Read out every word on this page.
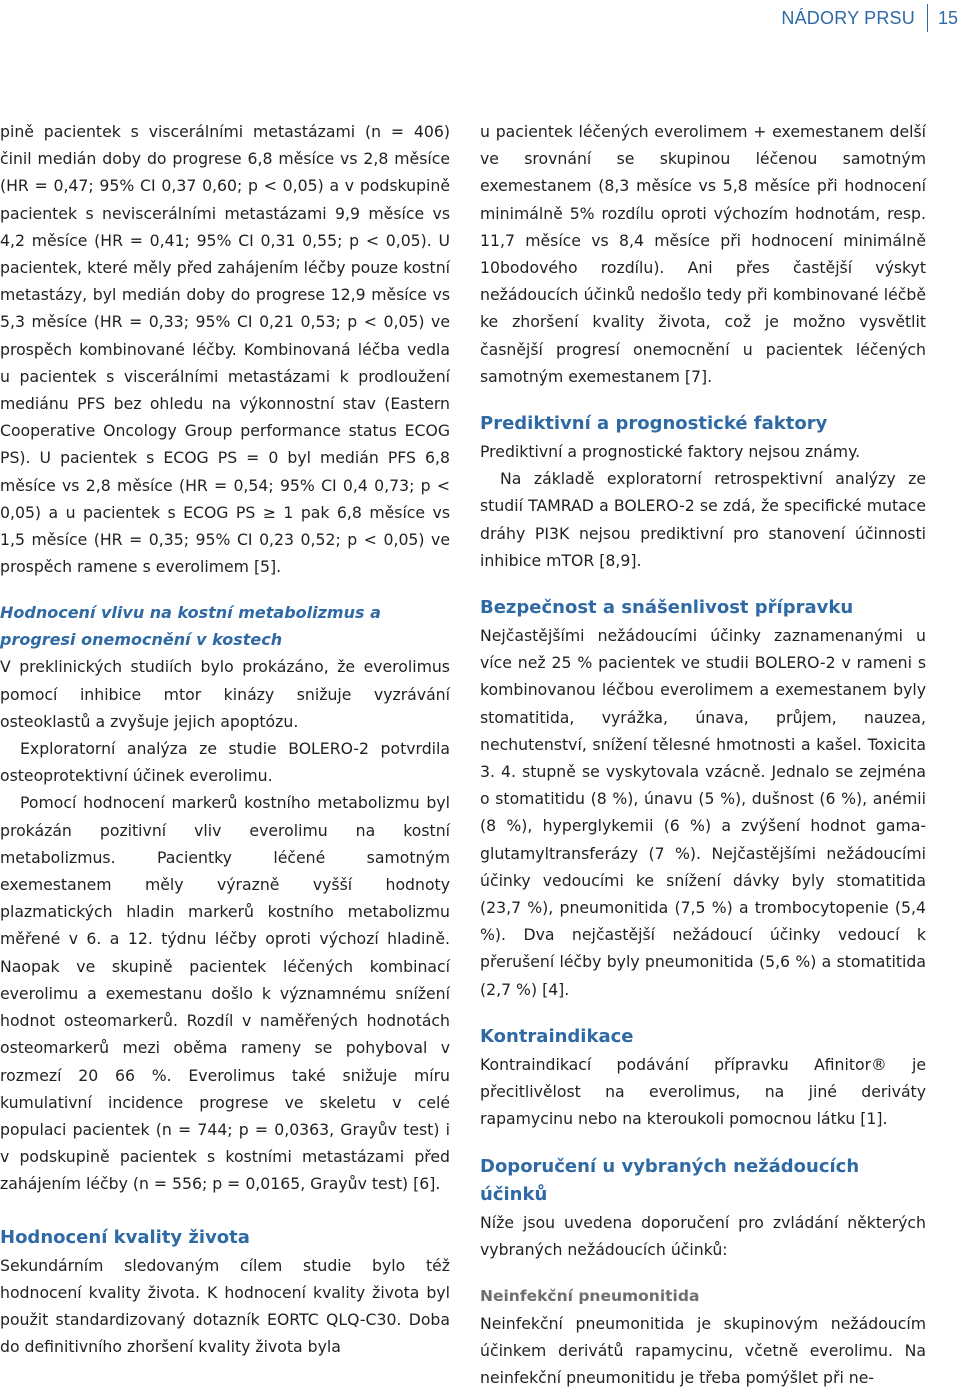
NÁDORY PRSU 15

pině pacientek s viscerálními metastázami (n = 406) činil medián doby do progrese 6,8 měsíce vs 2,8 měsíce (HR = 0,47; 95% CI 0,37 0,60; p < 0,05) a v podskupině pacientek s neviscerálními metastázami 9,9 měsíce vs 4,2 měsíce (HR = 0,41; 95% CI 0,31 0,55; p < 0,05). U pacientek, které měly před zahájením léčby pouze kostní metastázy, byl medián doby do progrese 12,9 měsíce vs 5,3 měsíce (HR = 0,33; 95% CI 0,21 0,53; p < 0,05) ve prospěch kombinované léčby. Kombinovaná léčba vedla u pacientek s viscerálními metastázami k prodloužení mediánu PFS bez ohledu na výkonnostní stav (Eastern Cooperative Oncology Group performance status ECOG PS). U pacientek s ECOG PS = 0 byl medián PFS 6,8 měsíce vs 2,8 měsíce (HR = 0,54; 95% CI 0,4 0,73; p < 0,05) a u pacientek s ECOG PS ≥ 1 pak 6,8 měsíce vs 1,5 měsíce (HR = 0,35; 95% CI 0,23 0,52; p < 0,05) ve prospěch ramene s everolimem [5].

Hodnocení vlivu na kostní metabolizmus a progresi onemocnění v kostech

V preklinických studiích bylo prokázáno, že everolimus pomocí inhibice mtor kinázy snižuje vyzrávání osteoklastů a zvyšuje jejich apoptózu.

Exploratorní analýza ze studie BOLERO-2 potvrdila osteoprotektivní účinek everolimu.

Pomocí hodnocení markerů kostního metabolizmu byl prokázán pozitivní vliv everolimu na kostní metabolizmus. Pacientky léčené samotným exemestanem měly výrazně vyšší hodnoty plazmatických hladin markerů kostního metabolizmu měřené v 6. a 12. týdnu léčby oproti výchozí hladině. Naopak ve skupině pacientek léčených kombinací everolimu a exemestanu došlo k významnému snížení hodnot osteomarkerů. Rozdíl v naměřených hodnotách osteomarkerů mezi oběma rameny se pohyboval v rozmezí 20 66 %. Everolimus také snižuje míru kumulativní incidence progrese ve skeletu v celé populaci pacientek (n = 744; p = 0,0363, Grayův test) i v podskupině pacientek s kostními metastázami před zahájením léčby (n = 556; p = 0,0165, Grayův test) [6].

Hodnocení kvality života

Sekundárním sledovaným cílem studie bylo též hodnocení kvality života. K hodnocení kvality života byl použit standardizovaný dotazník EORTC QLQ-C30. Doba do definitivního zhoršení kvality života byla

u pacientek léčených everolimem + exemestanem delší ve srovnání se skupinou léčenou samotným exemestanem (8,3 měsíce vs 5,8 měsíce při hodnocení minimálně 5% rozdílu oproti výchozím hodnotám, resp. 11,7 měsíce vs 8,4 měsíce při hodnocení minimálně 10bodového rozdílu). Ani přes častější výskyt nežádoucích účinků nedošlo tedy při kombinované léčbě ke zhoršení kvality života, což je možno vysvětlit časnější progresí onemocnění u pacientek léčených samotným exemestanem [7].

Prediktivní a prognostické faktory

Prediktivní a prognostické faktory nejsou známy.

Na základě exploratorní retrospektivní analýzy ze studií TAMRAD a BOLERO-2 se zdá, že specifické mutace dráhy PI3K nejsou prediktivní pro stanovení účinnosti inhibice mTOR [8,9].

Bezpečnost a snášenlivost přípravku

Nejčastějšími nežádoucími účinky zaznamenanými u více než 25 % pacientek ve studii BOLERO-2 v rameni s kombinovanou léčbou everolimem a exemestanem byly stomatitida, vyrážka, únava, průjem, nauzea, nechutenství, snížení tělesné hmotnosti a kašel. Toxicita 3. 4. stupně se vyskytovala vzácně. Jednalo se zejména o stomatitidu (8 %), únavu (5 %), dušnost (6 %), anémii (8 %), hyperglykemii (6 %) a zvýšení hodnot gama-glutamyltransferázy (7 %). Nejčastějšími nežádoucími účinky vedoucími ke snížení dávky byly stomatitida (23,7 %), pneumonitida (7,5 %) a trombocytopenie (5,4 %). Dva nejčastější nežádoucí účinky vedoucí k přerušení léčby byly pneumonitida (5,6 %) a stomatitida (2,7 %) [4].

Kontraindikace

Kontraindikací podávání přípravku Afinitor® je přecitlivělost na everolimus, na jiné deriváty rapamycinu nebo na kteroukoli pomocnou látku [1].

Doporučení u vybraných nežádoucích účinků

Níže jsou uvedena doporučení pro zvládání některých vybraných nežádoucích účinků:

Neinfekční pneumonitida

Neinfekční pneumonitida je skupinovým nežádoucím účinkem derivátů rapamycinu, včetně everolimu. Na neinfekční pneumonitidu je třeba pomýšlet při ne-
